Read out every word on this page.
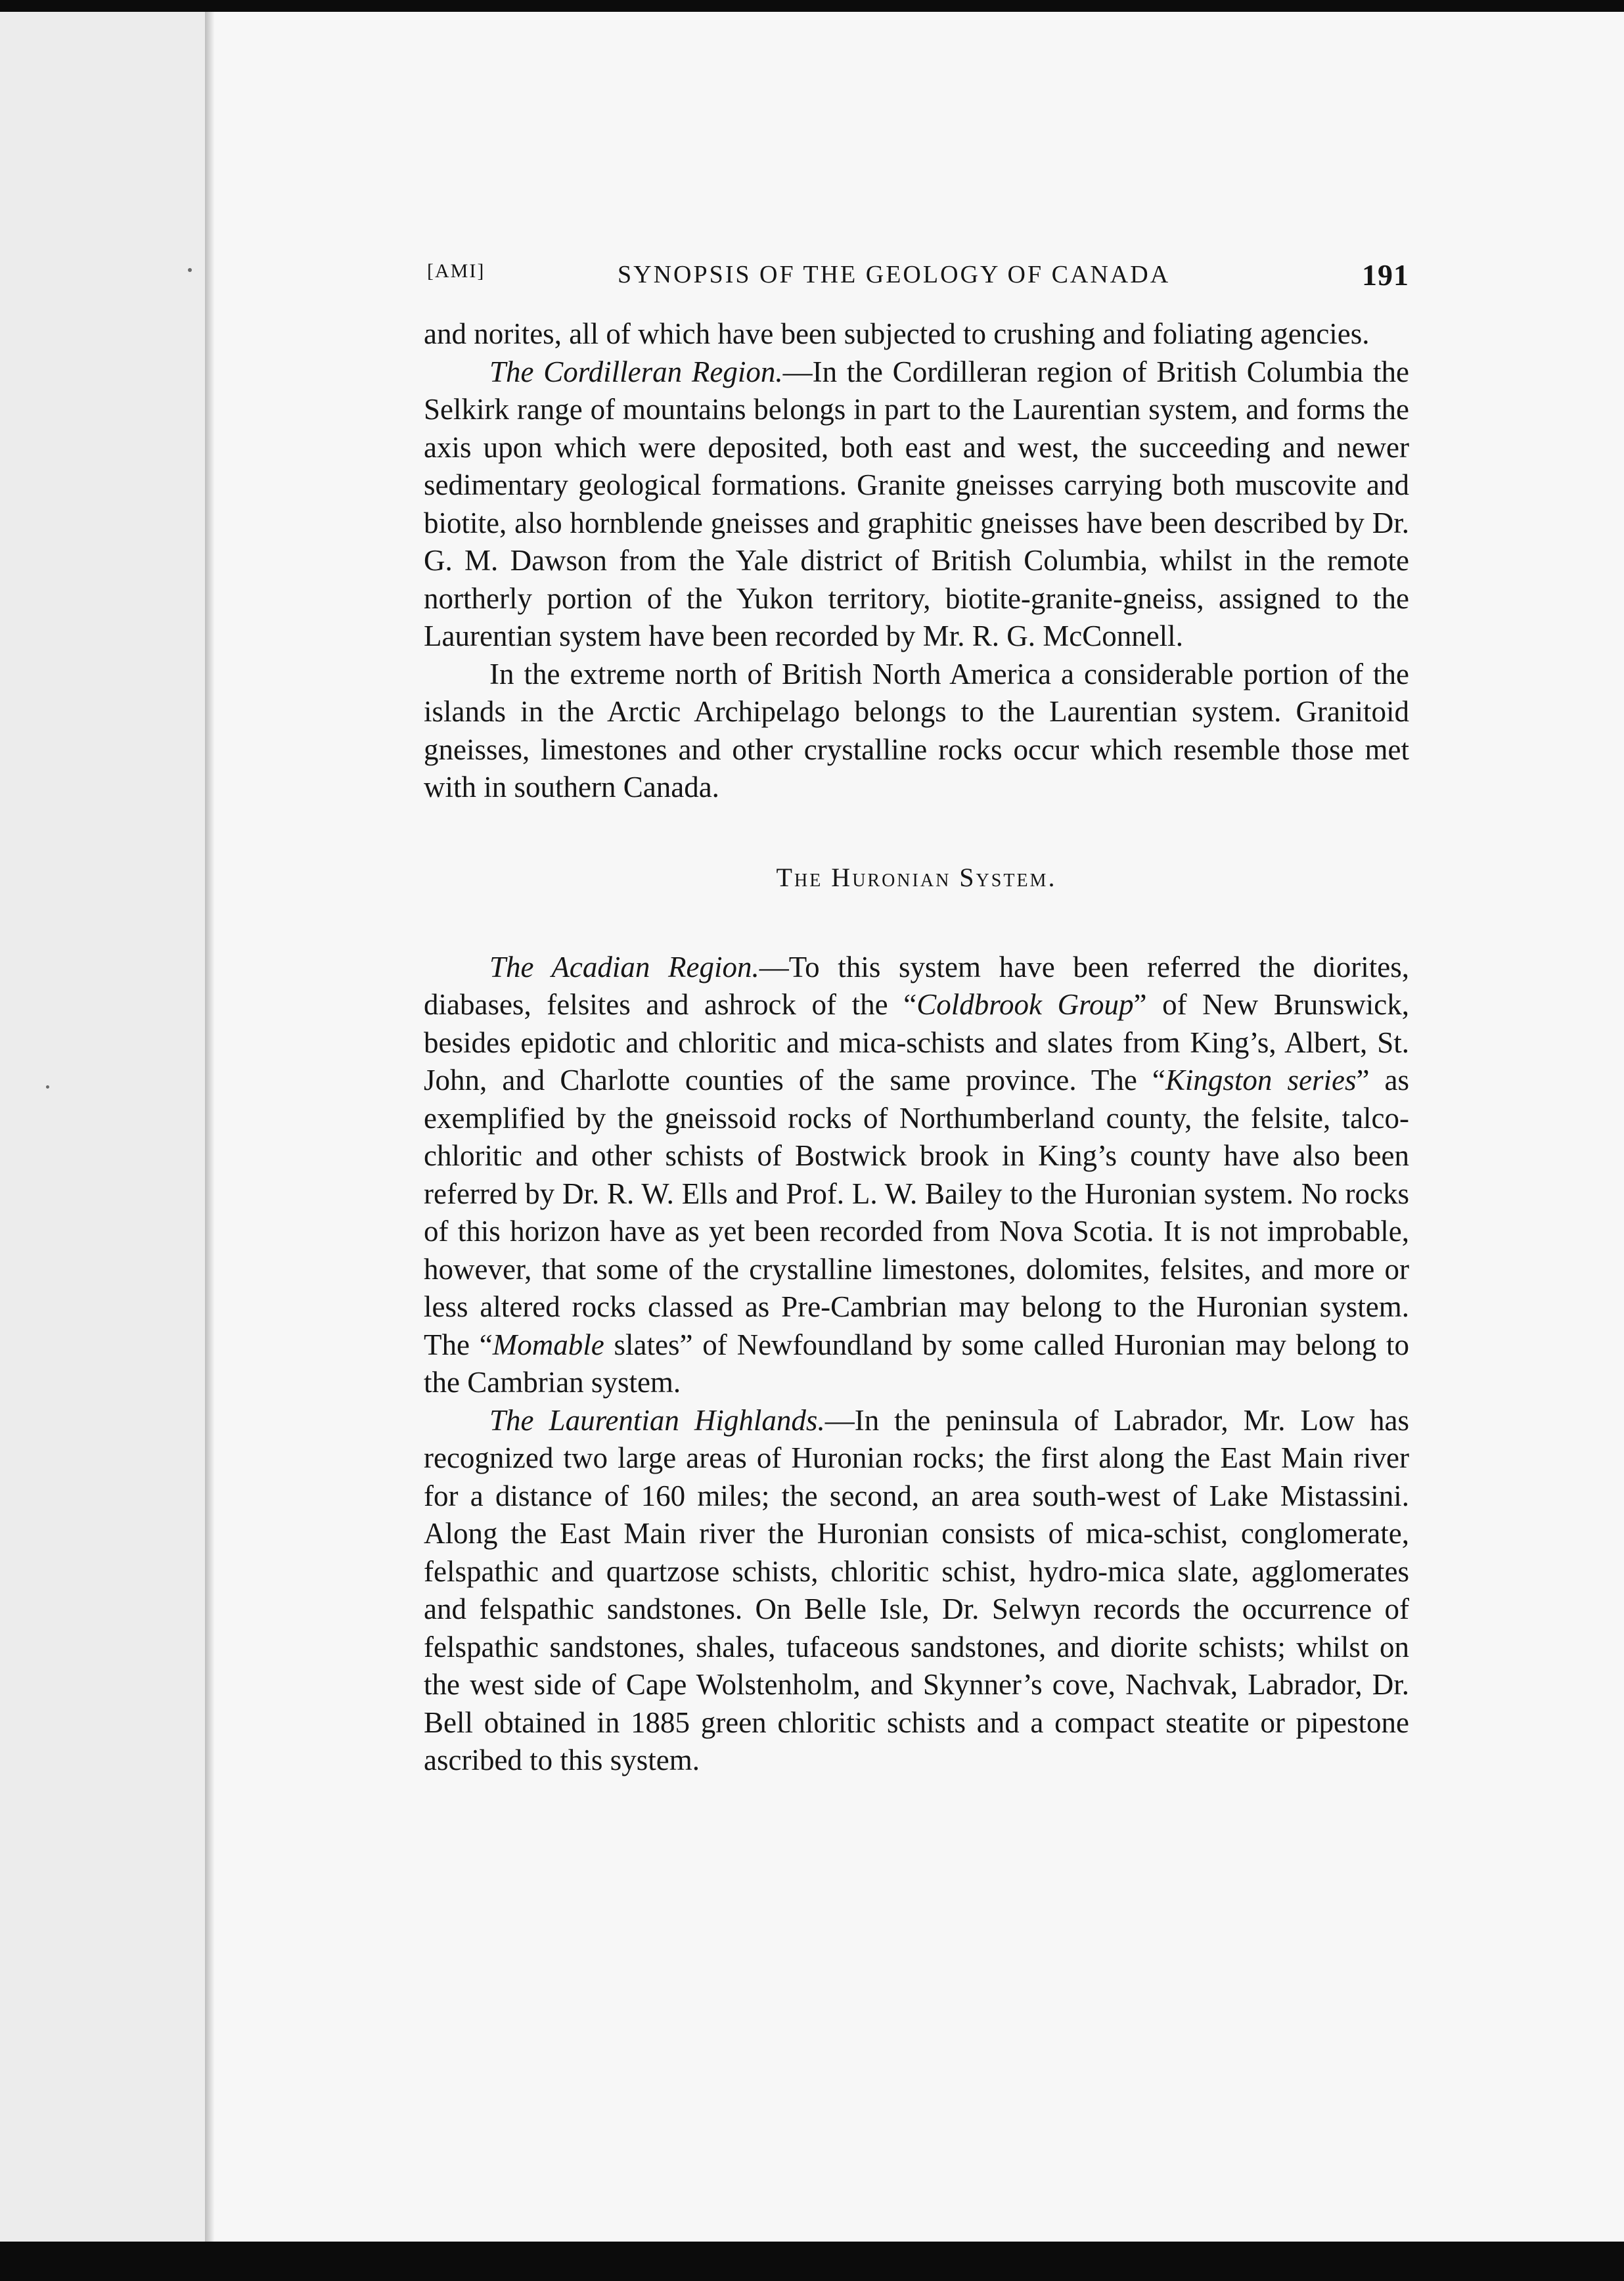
[AMI]	SYNOPSIS OF THE GEOLOGY OF CANADA	191

and norites, all of which have been subjected to crushing and foliating agencies.

The Cordilleran Region.—In the Cordilleran region of British Columbia the Selkirk range of mountains belongs in part to the Laurentian system, and forms the axis upon which were deposited, both east and west, the succeeding and newer sedimentary geological formations. Granite gneisses carrying both muscovite and biotite, also hornblende gneisses and graphitic gneisses have been described by Dr. G. M. Dawson from the Yale district of British Columbia, whilst in the remote northerly portion of the Yukon territory, biotite-granite-gneiss, assigned to the Laurentian system have been recorded by Mr. R. G. McConnell.

In the extreme north of British North America a considerable portion of the islands in the Arctic Archipelago belongs to the Laurentian system. Granitoid gneisses, limestones and other crystalline rocks occur which resemble those met with in southern Canada.

The Huronian System.

The Acadian Region.—To this system have been referred the diorites, diabases, felsites and ashrock of the “Coldbrook Group” of New Brunswick, besides epidotic and chloritic and mica-schists and slates from King’s, Albert, St. John, and Charlotte counties of the same province. The “Kingston series” as exemplified by the gneissoid rocks of Northumberland county, the felsite, talco-chloritic and other schists of Bostwick brook in King’s county have also been referred by Dr. R. W. Ells and Prof. L. W. Bailey to the Huronian system. No rocks of this horizon have as yet been recorded from Nova Scotia. It is not improbable, however, that some of the crystalline limestones, dolomites, felsites, and more or less altered rocks classed as Pre-Cambrian may belong to the Huronian system. The “Momable slates” of Newfoundland by some called Huronian may belong to the Cambrian system.

The Laurentian Highlands.—In the peninsula of Labrador, Mr. Low has recognized two large areas of Huronian rocks; the first along the East Main river for a distance of 160 miles; the second, an area south-west of Lake Mistassini. Along the East Main river the Huronian consists of mica-schist, conglomerate, felspathic and quartzose schists, chloritic schist, hydro-mica slate, agglomerates and felspathic sandstones. On Belle Isle, Dr. Selwyn records the occurrence of felspathic sandstones, shales, tufaceous sandstones, and diorite schists; whilst on the west side of Cape Wolstenholm, and Skynner’s cove, Nachvak, Labrador, Dr. Bell obtained in 1885 green chloritic schists and a compact steatite or pipestone ascribed to this system.
